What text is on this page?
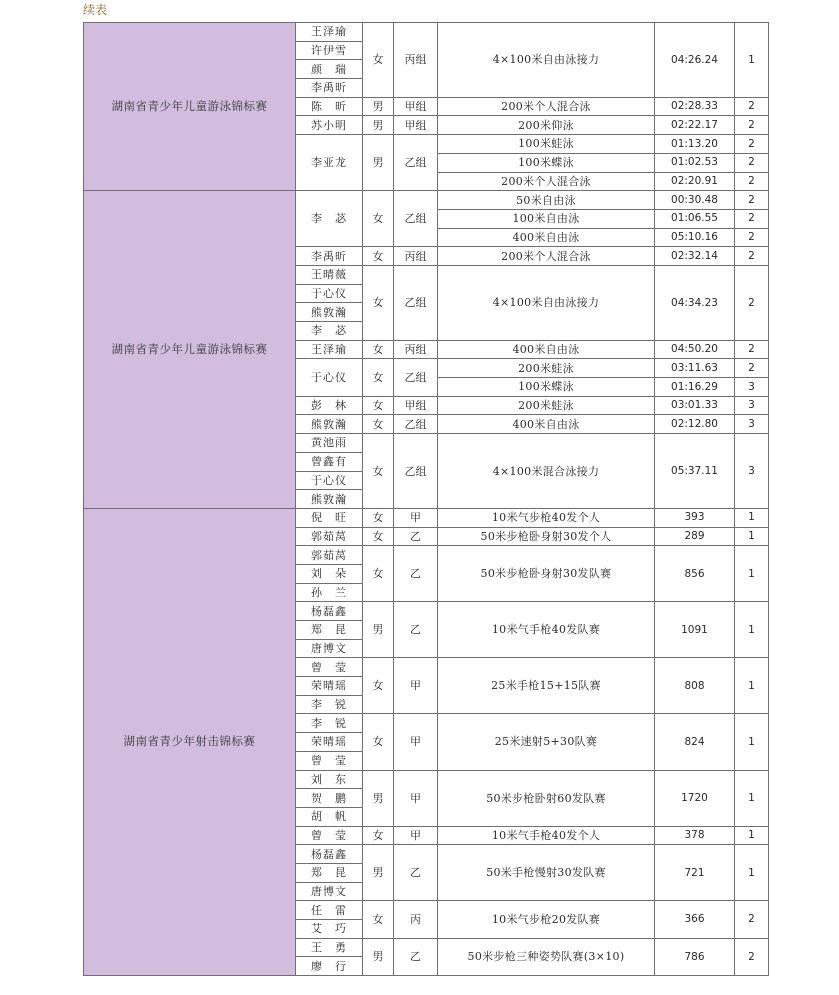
续表
湖南省青少年儿童游泳锦标赛	王泽瑜	女	丙组	4×100米自由泳接力	04:26.24	1
	许伊雪					
	颜　瑞					
	李禹昕					
	陈　昕	男	甲组	200米个人混合泳	02:28.33	2
	苏小明	男	甲组	200米仰泳	02:22.17	2
	李亚龙	男	乙组	100米蛙泳	01:13.20	2
				100米蝶泳	01:02.53	2
				200米个人混合泳	02:20.91	2
湖南省青少年儿童游泳锦标赛	李　苾	女	乙组	50米自由泳	00:30.48	2
				100米自由泳	01:06.55	2
				400米自由泳	05:10.16	2
	李禹昕	女	丙组	200米个人混合泳	02:32.14	2
	王晴薇	女	乙组	4×100米自由泳接力	04:34.23	2
	于心仪					
	熊敦瀚					
	李　苾					
	王泽瑜	女	丙组	400米自由泳	04:50.20	2
	于心仪	女	乙组	200米蛙泳	03:11.63	2
				100米蝶泳	01:16.29	3
	彭　林	女	甲组	200米蛙泳	03:01.33	3
	熊敦瀚	女	乙组	400米自由泳	02:12.80	3
	黄池雨	女	乙组	4×100米混合泳接力	05:37.11	3
	曾鑫有					
	于心仪					
	熊敦瀚					
湖南省青少年射击锦标赛	倪　旺	女	甲	10米气步枪40发个人	393	1
	郭茹莴	女	乙	50米步枪卧身射30发个人	289	1
	郭茹莴	女	乙	50米步枪卧身射30发队赛	856	1
	刘　朵					
	孙　兰					
	杨磊鑫	男	乙	10米气手枪40发队赛	1091	1
	郑　昆					
	唐博文					
	曾　莹	女	甲	25米手枪15+15队赛	808	1
	荣晴瑶					
	李　锐					
	李　锐	女	甲	25米速射5+30队赛	824	1
	荣晴瑶					
	曾　莹					
	刘　东	男	甲	50米步枪卧射60发队赛	1720	1
	贺　鹏					
	胡　帆					
	曾　莹	女	甲	10米气手枪40发个人	378	1
	杨磊鑫	男	乙	50米手枪慢射30发队赛	721	1
	郑　昆					
	唐博文					
	任　雷	女	丙	10米气步枪20发队赛	366	2
	艾　巧					
	王　勇	男	乙	50米步枪三种姿势队赛(3×10)	786	2
	廖　行					
